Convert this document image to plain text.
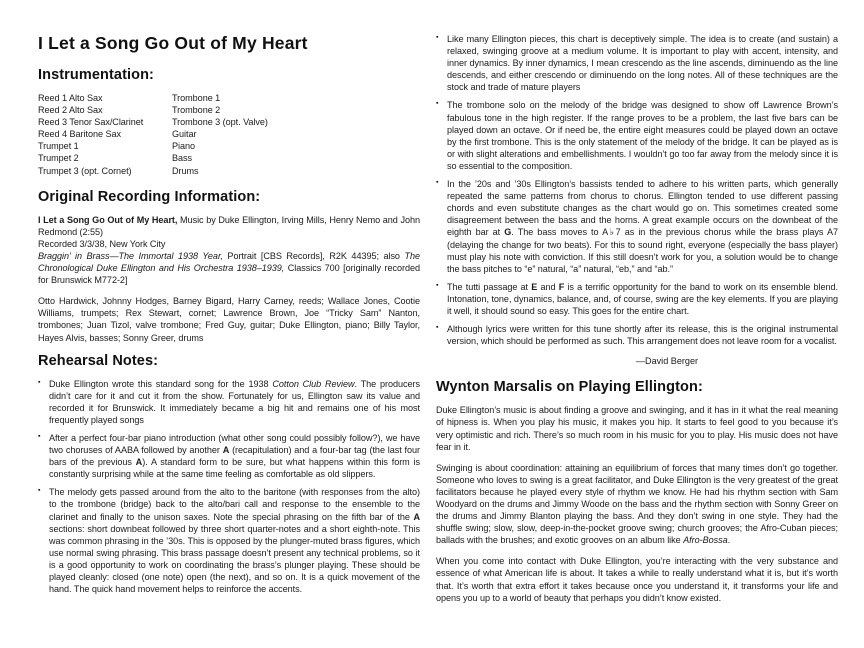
I Let a Song Go Out of My Heart
Instrumentation:
Reed 1 Alto Sax	Trombone 1
Reed 2 Alto Sax	Trombone 2
Reed 3 Tenor Sax/Clarinet	Trombone 3 (opt. Valve)
Reed 4 Baritone Sax	Guitar
Trumpet 1	Piano
Trumpet 2	Bass
Trumpet 3 (opt. Cornet)	Drums
Original Recording Information:

I Let a Song Go Out of My Heart, Music by Duke Ellington, Irving Mills, Henry Nemo and John Redmond (2:55)
Recorded 3/3/38, New York City
Braggin’ in Brass—The Immortal 1938 Year, Portrait [CBS Records], R2K 44395; also The Chronological Duke Ellington and His Orchestra 1938–1939, Classics 700 [originally recorded for Brunswick M772-2]

Otto Hardwick, Johnny Hodges, Barney Bigard, Harry Carney, reeds; Wallace Jones, Cootie Williams, trumpets; Rex Stewart, cornet; Lawrence Brown, Joe “Tricky Sam” Nanton, trombones; Juan Tizol, valve trombone; Fred Guy, guitar; Duke Ellington, piano; Billy Taylor, Hayes Alvis, basses; Sonny Greer, drums

Rehearsal Notes:
▪ Duke Ellington wrote this standard song for the 1938 Cotton Club Review. The producers didn’t care for it and cut it from the show. Fortunately for us, Ellington saw its value and recorded it for Brunswick. It immediately became a big hit and remains one of his most frequently played songs
▪ After a perfect four-bar piano introduction (what other song could possibly follow?), we have two choruses of AABA followed by another A (recapitulation) and a four-bar tag (the last four bars of the previous A). A standard form to be sure, but what happens within this form is constantly surprising while at the same time feeling as comfortable as old slippers.
▪ The melody gets passed around from the alto to the baritone (with responses from the alto) to the trombone (bridge) back to the alto/bari call and response to the ensemble to the clarinet and finally to the unison saxes. Note the special phrasing on the fifth bar of the A sections: short downbeat followed by three short quarter-notes and a short eighth-note. This was common phrasing in the ’30s. This is opposed by the plunger-muted brass figures, which use normal swing phrasing. This brass passage doesn’t present any technical problems, so it is a good opportunity to work on coordinating the brass’s plunger playing. These should be played cleanly: closed (one note) open (the next), and so on. It is a quick movement of the hand. The quick hand movement helps to reinforce the accents.
▪ Like many Ellington pieces, this chart is deceptively simple. The idea is to create (and sustain) a relaxed, swinging groove at a medium volume. It is important to play with accent, intensity, and inner dynamics. By inner dynamics, I mean crescendo as the line ascends, diminuendo as the line descends, and either crescendo or diminuendo on the long notes. All of these techniques are the stock and trade of mature players
▪ The trombone solo on the melody of the bridge was designed to show off Lawrence Brown’s fabulous tone in the high register. If the range proves to be a problem, the last five bars can be played down an octave. Or if need be, the entire eight measures could be played down an octave by the first trombone. This is the only statement of the melody of the bridge. It can be played as is or with slight alterations and embellishments. I wouldn’t go too far away from the melody since it is so essential to the composition.
▪ In the ’20s and ’30s Ellington’s bassists tended to adhere to his written parts, which generally repeated the same patterns from chorus to chorus. Ellington tended to use different passing chords and even substitute changes as the chart would go on. This sometimes created some disagreement between the bass and the horns. A great example occurs on the downbeat of the eighth bar at G. The bass moves to A♭7 as in the previous chorus while the brass plays A7 (delaying the change for two beats). For this to sound right, everyone (especially the bass player) must play his note with conviction. If this still doesn’t work for you, a solution would be to change the bass pitches to “e” natural, “a” natural, “eb,” and “ab.”
▪ The tutti passage at E and F is a terrific opportunity for the band to work on its ensemble blend. Intonation, tone, dynamics, balance, and, of course, swing are the key elements. If you are playing it well, it should sound so easy. This goes for the entire chart.
▪ Although lyrics were written for this tune shortly after its release, this is the original instrumental version, which should be performed as such. This arrangement does not leave room for a vocalist.
—David Berger
Wynton Marsalis on Playing Ellington:

Duke Ellington’s music is about finding a groove and swinging, and it has in it what the real meaning of hipness is. When you play his music, it makes you hip. It starts to feel good to you because it’s very optimistic and rich. There’s so much room in his music for you to play. His music does not have fear in it.

Swinging is about coordination: attaining an equilibrium of forces that many times don’t go together. Someone who loves to swing is a great facilitator, and Duke Ellington is the very greatest of the great facilitators because he played every style of rhythm we know. He had his rhythm section with Sam Woodyard on the drums and Jimmy Woode on the bass and the rhythm section with Sonny Greer on the drums and Jimmy Blanton playing the bass. And they don’t swing in one style. They had the shuffle swing; slow, slow, deep-in-the-pocket groove swing; church grooves; the Afro-Cuban pieces; ballads with the brushes; and exotic grooves on an album like Afro-Bossa.

When you come into contact with Duke Ellington, you’re interacting with the very substance and essence of what American life is about. It takes a while to really understand what it is, but it’s worth that. It’s worth that extra effort it takes because once you understand it, it transforms your life and opens you up to a world of beauty that perhaps you didn’t know existed.
